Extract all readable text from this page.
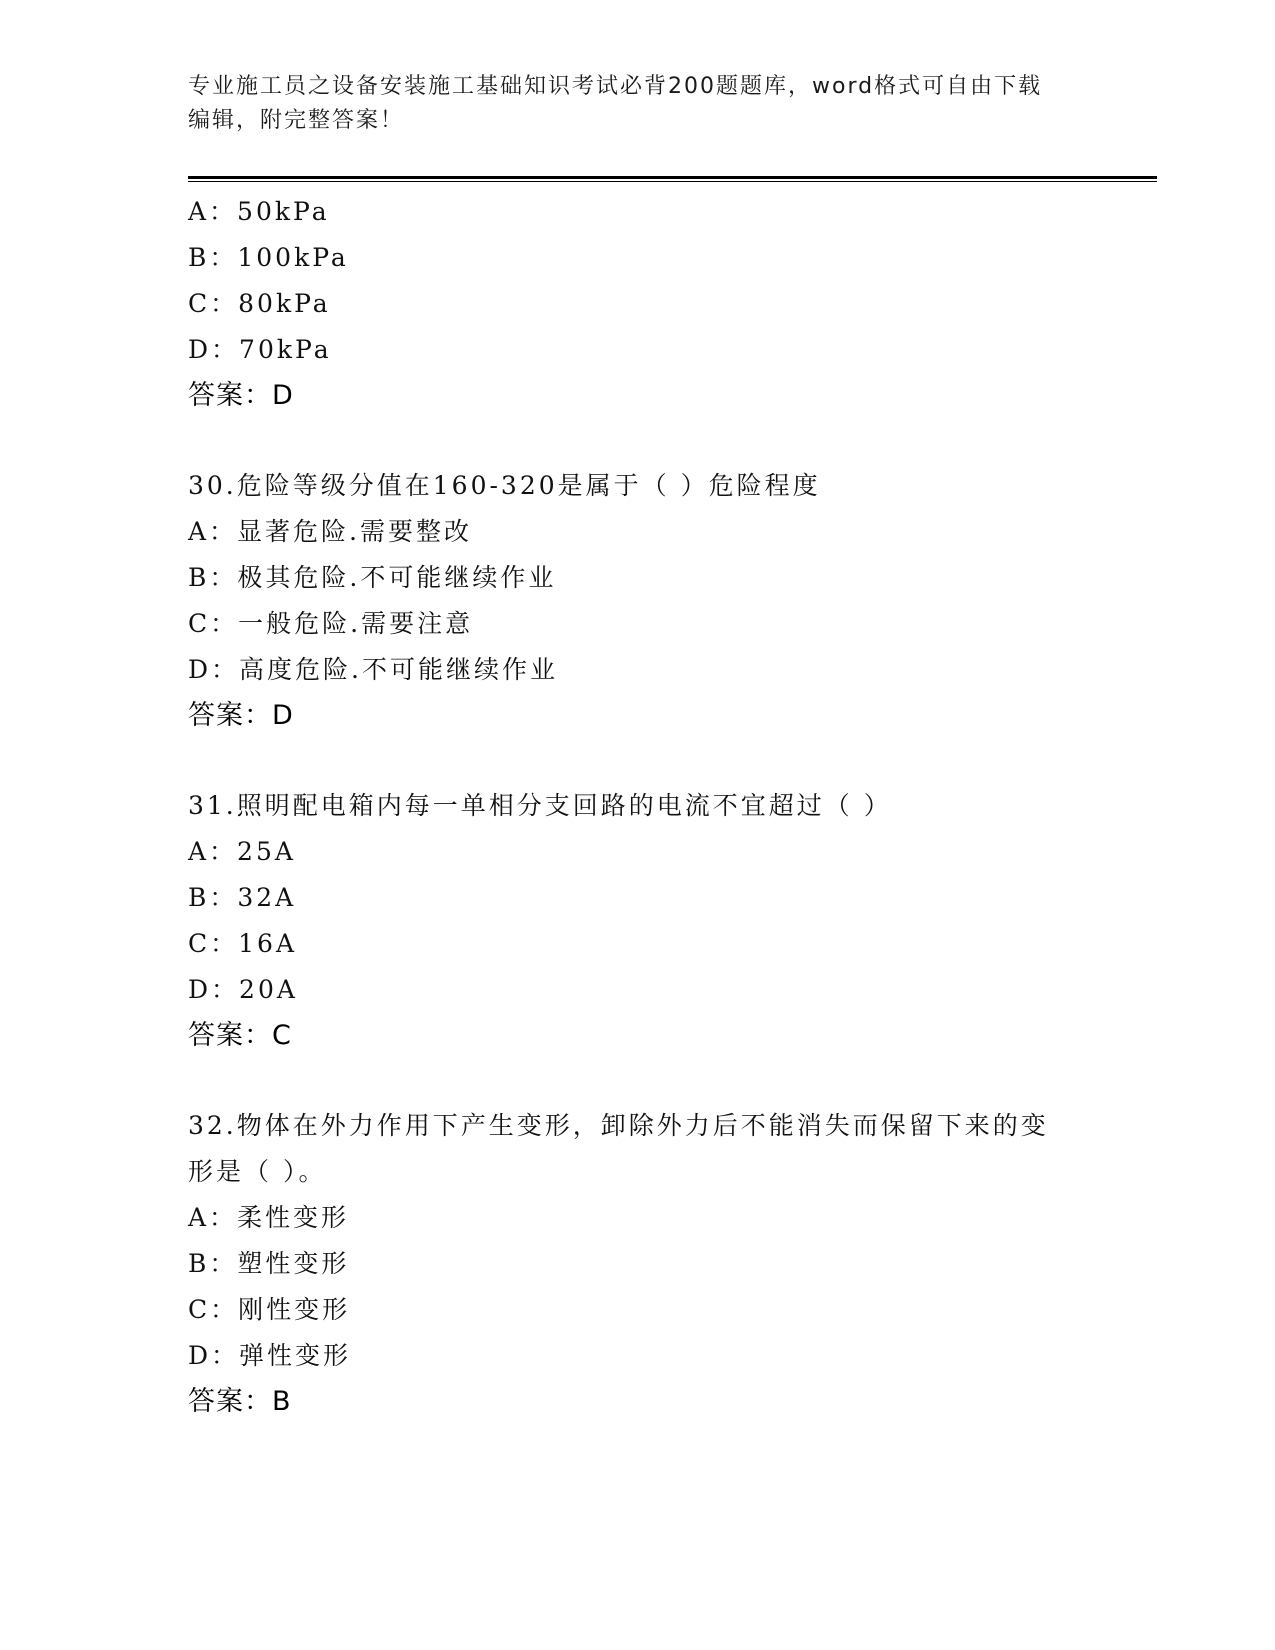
专业施工员之设备安装施工基础知识考试必背200题题库，word格式可自由下载
编辑，附完整答案！
A：50kPa
B：100kPa
C：80kPa
D：70kPa
答案：D
30.危险等级分值在160-320是属于（ ）危险程度
A：显著危险.需要整改
B：极其危险.不可能继续作业
C：一般危险.需要注意
D：高度危险.不可能继续作业
答案：D
31.照明配电箱内每一单相分支回路的电流不宜超过（ ）
A：25A
B：32A
C：16A
D：20A
答案：C
32.物体在外力作用下产生变形，卸除外力后不能消失而保留下来的变
形是（ ）。
A：柔性变形
B：塑性变形
C：刚性变形
D：弹性变形
答案：B
